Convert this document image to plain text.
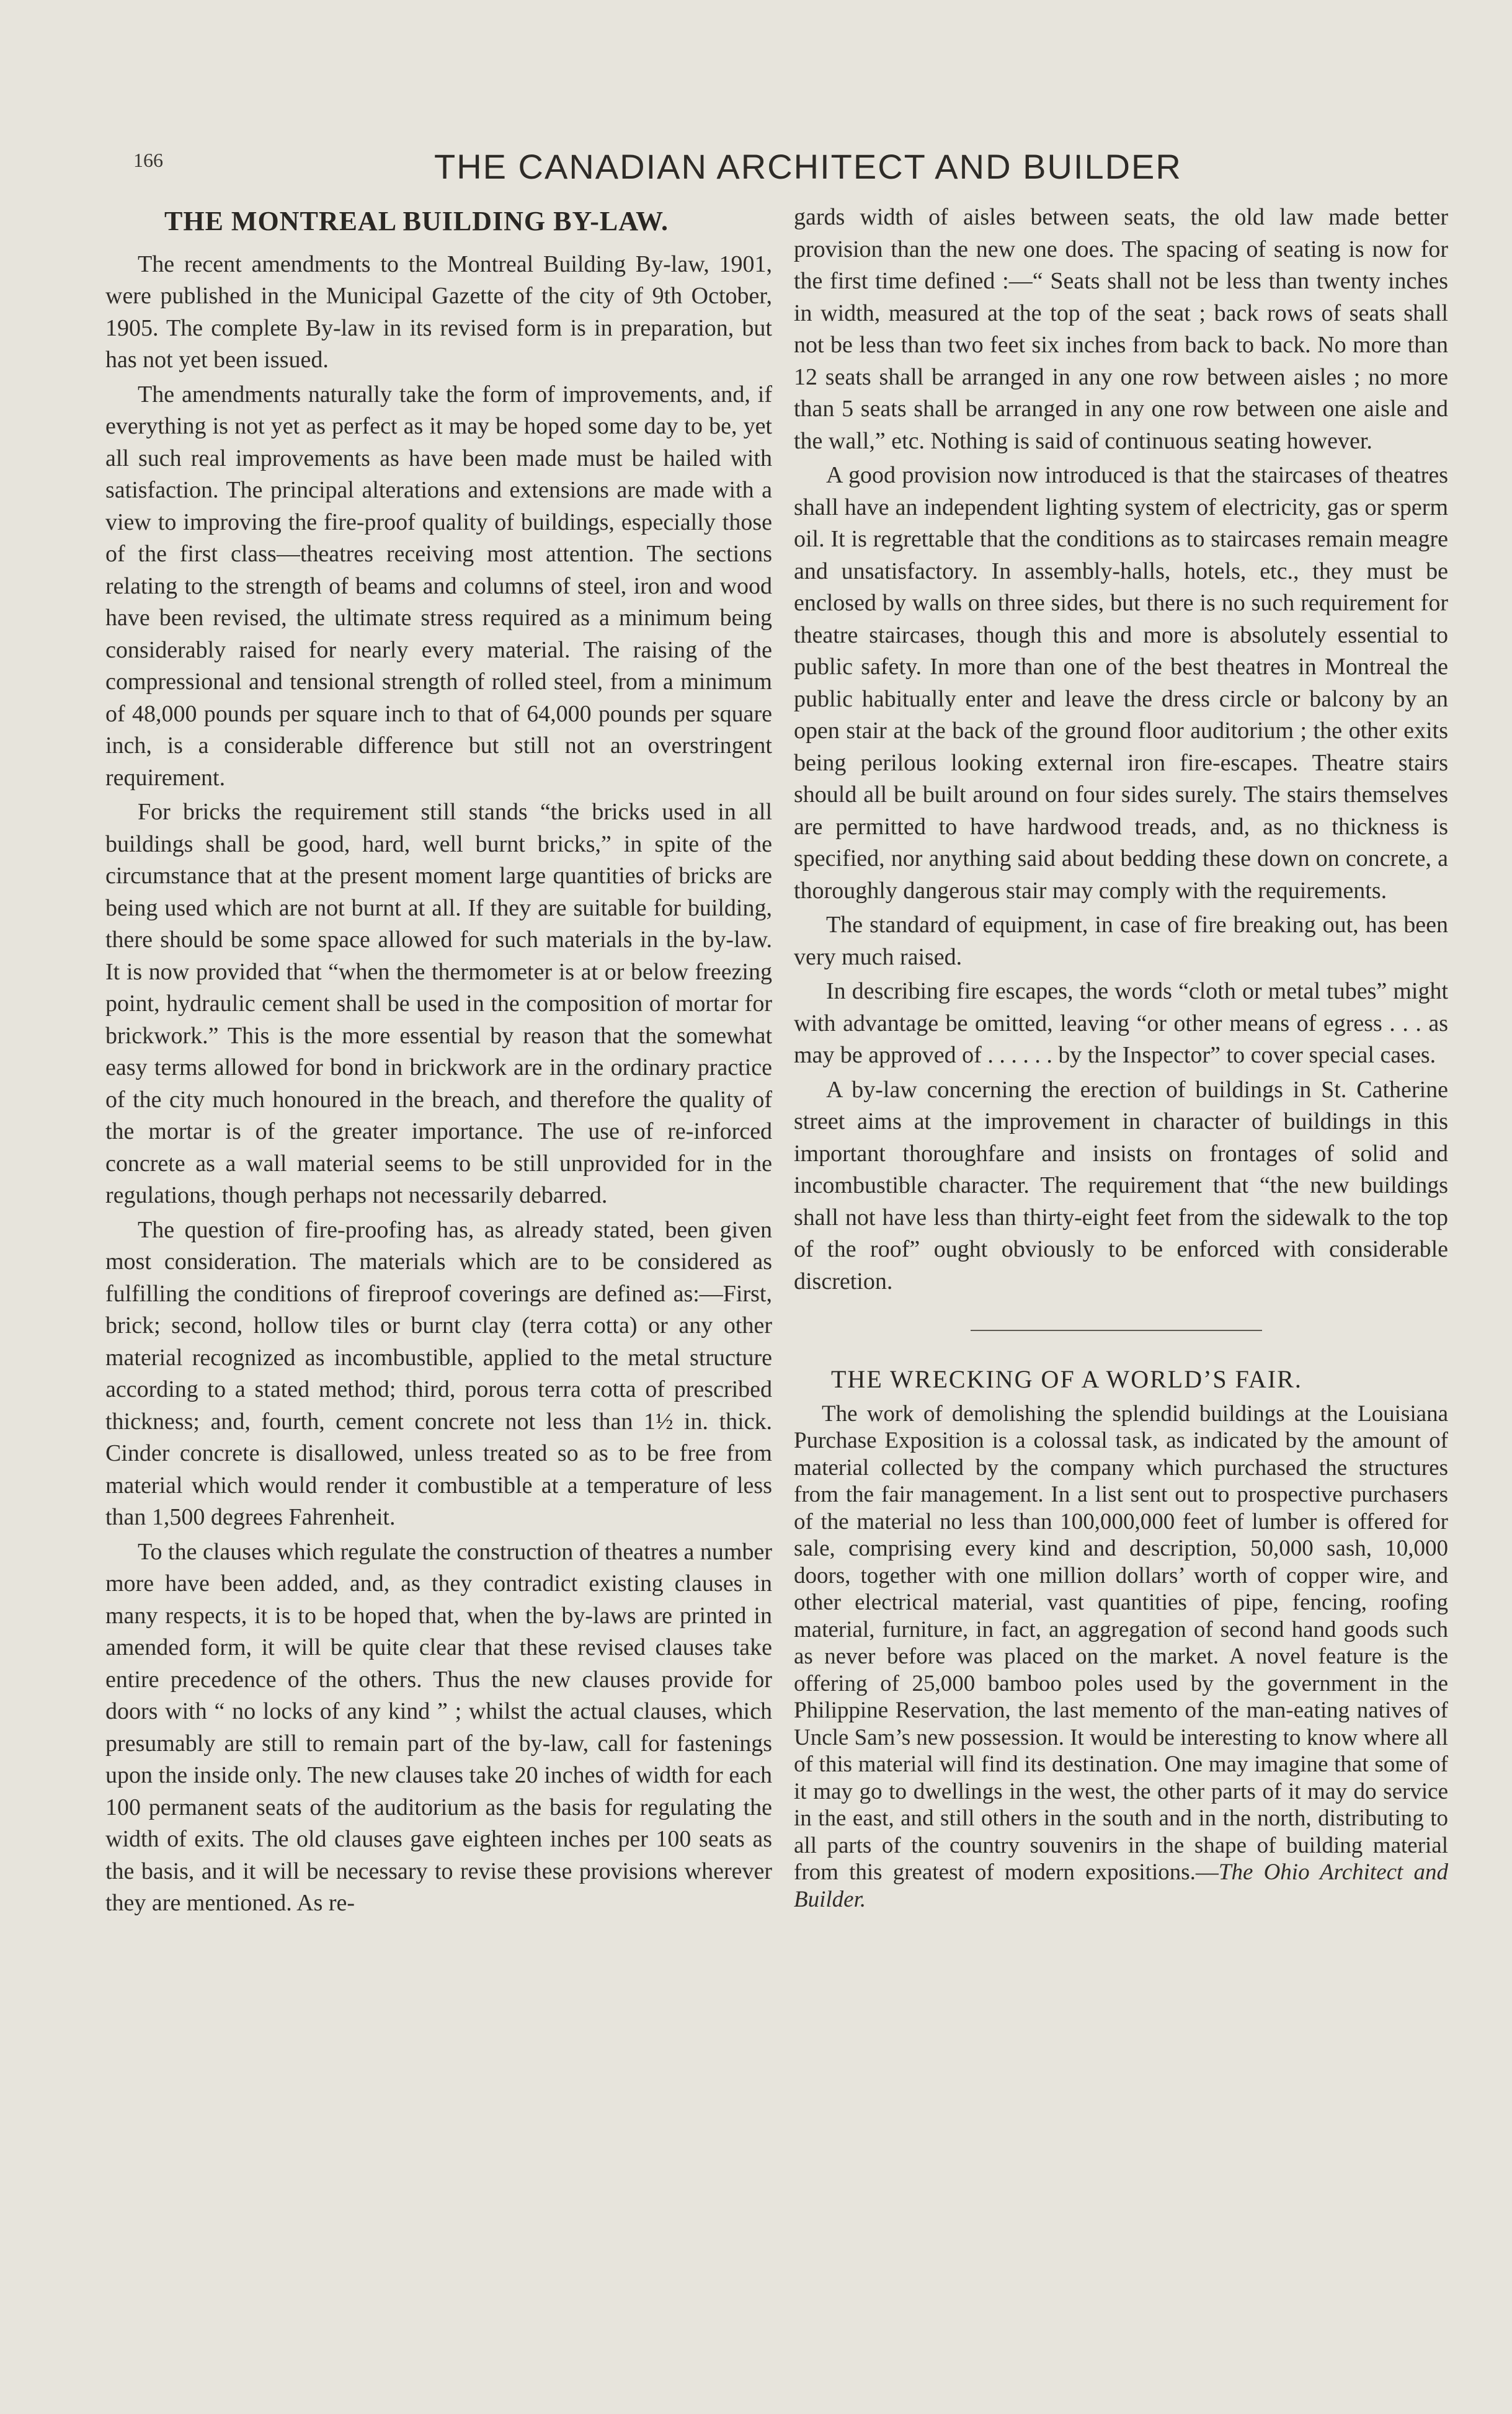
166	THE CANADIAN ARCHITECT AND BUILDER
THE MONTREAL BUILDING BY-LAW.

The recent amendments to the Montreal Building By-law, 1901, were published in the Municipal Gazette of the city of 9th October, 1905. The complete By-law in its revised form is in preparation, but has not yet been issued.

The amendments naturally take the form of improvements, and, if everything is not yet as perfect as it may be hoped some day to be, yet all such real improvements as have been made must be hailed with satisfaction. The principal alterations and extensions are made with a view to improving the fire-proof quality of buildings, especially those of the first class—theatres receiving most attention. The sections relating to the strength of beams and columns of steel, iron and wood have been revised, the ultimate stress required as a minimum being considerably raised for nearly every material. The raising of the compressional and tensional strength of rolled steel, from a minimum of 48,000 pounds per square inch to that of 64,000 pounds per square inch, is a considerable difference but still not an overstringent requirement.

For bricks the requirement still stands “the bricks used in all buildings shall be good, hard, well burnt bricks,” in spite of the circumstance that at the present moment large quantities of bricks are being used which are not burnt at all. If they are suitable for building, there should be some space allowed for such materials in the by-law. It is now provided that “when the thermometer is at or below freezing point, hydraulic cement shall be used in the composition of mortar for brickwork.” This is the more essential by reason that the somewhat easy terms allowed for bond in brickwork are in the ordinary practice of the city much honoured in the breach, and therefore the quality of the mortar is of the greater importance. The use of re-inforced concrete as a wall material seems to be still unprovided for in the regulations, though perhaps not necessarily debarred.

The question of fire-proofing has, as already stated, been given most consideration. The materials which are to be considered as fulfilling the conditions of fireproof coverings are defined as:—First, brick; second, hollow tiles or burnt clay (terra cotta) or any other material recognized as incombustible, applied to the metal structure according to a stated method; third, porous terra cotta of prescribed thickness; and, fourth, cement concrete not less than 1½ in. thick. Cinder concrete is disallowed, unless treated so as to be free from material which would render it combustible at a temperature of less than 1,500 degrees Fahrenheit.

To the clauses which regulate the construction of theatres a number more have been added, and, as they contradict existing clauses in many respects, it is to be hoped that, when the by-laws are printed in amended form, it will be quite clear that these revised clauses take entire precedence of the others. Thus the new clauses provide for doors with “ no locks of any kind ” ; whilst the actual clauses, which presumably are still to remain part of the by-law, call for fastenings upon the inside only. The new clauses take 20 inches of width for each 100 permanent seats of the auditorium as the basis for regulating the width of exits. The old clauses gave eighteen inches per 100 seats as the basis, and it will be necessary to revise these provisions wherever they are mentioned. As re-

gards width of aisles between seats, the old law made better provision than the new one does. The spacing of seating is now for the first time defined :—“ Seats shall not be less than twenty inches in width, measured at the top of the seat ; back rows of seats shall not be less than two feet six inches from back to back. No more than 12 seats shall be arranged in any one row between aisles ; no more than 5 seats shall be arranged in any one row between one aisle and the wall,” etc. Nothing is said of continuous seating however.

A good provision now introduced is that the staircases of theatres shall have an independent lighting system of electricity, gas or sperm oil. It is regrettable that the conditions as to staircases remain meagre and unsatisfactory. In assembly-halls, hotels, etc., they must be enclosed by walls on three sides, but there is no such requirement for theatre staircases, though this and more is absolutely essential to public safety. In more than one of the best theatres in Montreal the public habitually enter and leave the dress circle or balcony by an open stair at the back of the ground floor auditorium ; the other exits being perilous looking external iron fire-escapes. Theatre stairs should all be built around on four sides surely. The stairs themselves are permitted to have hardwood treads, and, as no thickness is specified, nor anything said about bedding these down on concrete, a thoroughly dangerous stair may comply with the requirements.

The standard of equipment, in case of fire breaking out, has been very much raised.

In describing fire escapes, the words “cloth or metal tubes” might with advantage be omitted, leaving “or other means of egress . . . as may be approved of . . . . . . by the Inspector” to cover special cases.

A by-law concerning the erection of buildings in St. Catherine street aims at the improvement in character of buildings in this important thoroughfare and insists on frontages of solid and incombustible character. The requirement that “the new buildings shall not have less than thirty-eight feet from the sidewalk to the top of the roof” ought obviously to be enforced with considerable discretion.

THE WRECKING OF A WORLD’S FAIR.

The work of demolishing the splendid buildings at the Louisiana Purchase Exposition is a colossal task, as indicated by the amount of material collected by the company which purchased the structures from the fair management. In a list sent out to prospective purchasers of the material no less than 100,000,000 feet of lumber is offered for sale, comprising every kind and description, 50,000 sash, 10,000 doors, together with one million dollars’ worth of copper wire, and other electrical material, vast quantities of pipe, fencing, roofing material, furniture, in fact, an aggregation of second hand goods such as never before was placed on the market. A novel feature is the offering of 25,000 bamboo poles used by the government in the Philippine Reservation, the last memento of the man-eating natives of Uncle Sam’s new possession. It would be interesting to know where all of this material will find its destination. One may imagine that some of it may go to dwellings in the west, the other parts of it may do service in the east, and still others in the south and in the north, distributing to all parts of the country souvenirs in the shape of building material from this greatest of modern expositions.—The Ohio Architect and Builder.
